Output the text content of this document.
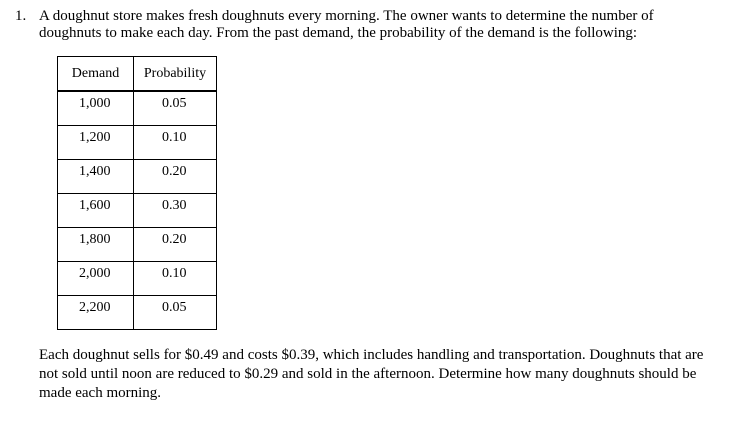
1. A doughnut store makes fresh doughnuts every morning. The owner wants to determine the number of
doughnuts to make each day. From the past demand, the probability of the demand is the following:
Demand	Probability

1,000	0.05

1,200	0.10

1,400	0.20

1,600	0.30

1,800	0.20

2,000	0.10

2,200	0.05
Each doughnut sells for $0.49 and costs $0.39, which includes handling and transportation. Doughnuts that are
not sold until noon are reduced to $0.29 and sold in the afternoon. Determine how many doughnuts should be
made each morning.
